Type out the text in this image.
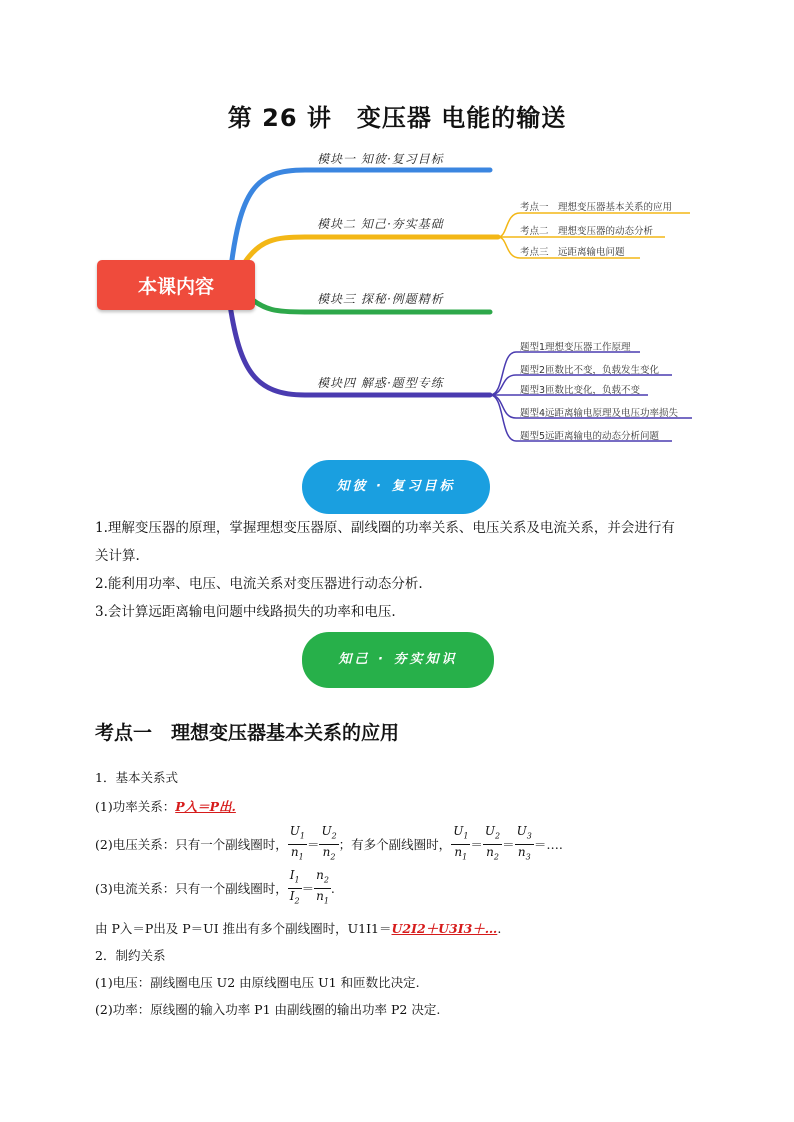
第 26 讲　变压器 电能的输送
本课内容
模块一 知彼·复习目标
模块二 知己·夯实基础
模块三 探秘·例题精析
模块四 解惑·题型专练
考点一　理想变压器基本关系的应用
考点二　理想变压器的动态分析
考点三　远距离输电问题
题型1理想变压器工作原理
题型2匝数比不变，负载发生变化
题型3匝数比变化，负载不变
题型4远距离输电原理及电压功率损失
题型5远距离输电的动态分析问题
知彼 · 复习目标
1.理解变压器的原理，掌握理想变压器原、副线圈的功率关系、电压关系及电流关系，并会进行有
关计算.
2.能利用功率、电压、电流关系对变压器进行动态分析.
3.会计算远距离输电问题中线路损失的功率和电压.
知己 · 夯实知识
考点一　理想变压器基本关系的应用
1．基本关系式
(1)功率关系：P入＝P出.
(2)电压关系：只有一个副线圈时， $\frac{U_1}{n_1} = \frac{U_2}{n_2}$ ；有多个副线圈时， $\frac{U_1}{n_1} = \frac{U_2}{n_2} = \frac{U_3}{n_3}$ ＝….
(3)电流关系：只有一个副线圈时， $\frac{I_1}{I_2} = \frac{n_2}{n_1}$ .
由 P入＝P出及 P＝UI 推出有多个副线圈时，U1I1＝U2I2＋U3I3＋….
2．制约关系
(1)电压：副线圈电压 U2 由原线圈电压 U1 和匝数比决定.
(2)功率：原线圈的输入功率 P1 由副线圈的输出功率 P2 决定.
